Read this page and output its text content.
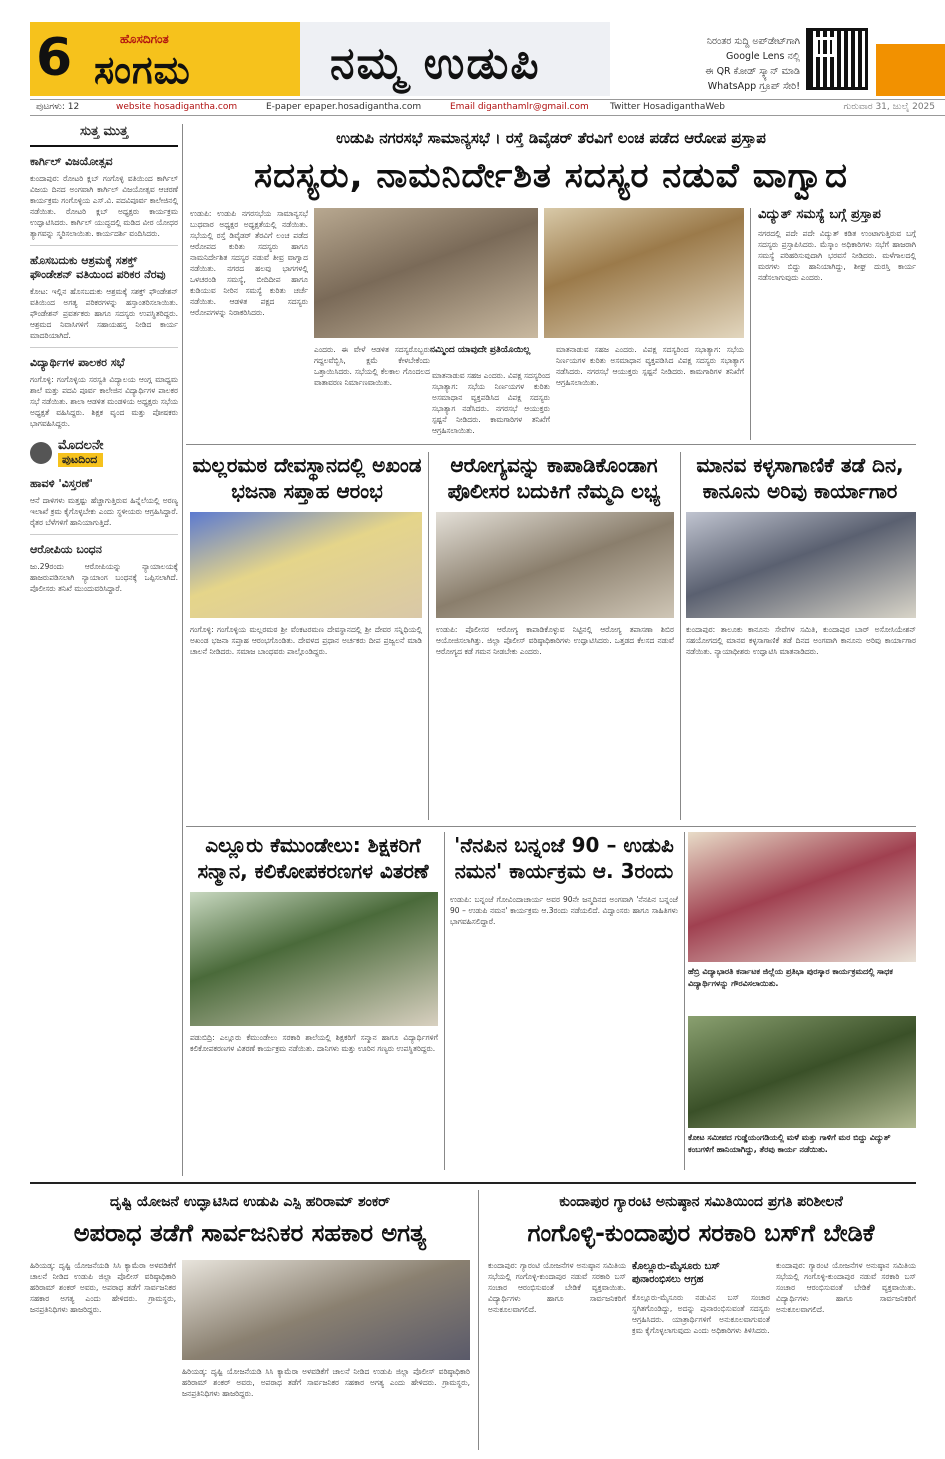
6	ಹೊಸದಿಗಂತ
ಸಂಗಮ	ನಮ್ಮ ಉಡುಪಿ	ನಿರಂತರ ಸುದ್ದಿ ಅಪ್‌ಡೇಟ್‌ಗಾಗಿ
Google Lens ನಲ್ಲಿ
ಈ QR ಕೋಡ್ ಸ್ಕ್ಯಾನ್ ಮಾಡಿ
WhatsApp ಗ್ರೂಪ್ ಸೇರಿ!
ಪುಟಗಳು: 12	website hosadigantha.com	E-paper epaper.hosadigantha.com	Email diganthamlr@gmail.com Twitter HosadiganthaWeb	ಗುರುವಾರ 31, ಜುಲೈ 2025
ಸುತ್ತ ಮುತ್ತ
ಕಾರ್ಗಿಲ್ ವಿಜಯೋತ್ಸವ
ಕುಂದಾಪುರ: ರೋಟರಿ ಕ್ಲಬ್ ಗಂಗೊಳ್ಳಿ ವತಿಯಿಂದ ಕಾರ್ಗಿಲ್ ವಿಜಯ ದಿನದ ಅಂಗವಾಗಿ ಕಾರ್ಗಿಲ್ ವಿಜಯೋತ್ಸವ ಆಚರಣೆ ಕಾರ್ಯಕ್ರಮ ಗಂಗೊಳ್ಳಿಯ ಎಸ್.ವಿ. ಪದವಿಪೂರ್ವ ಕಾಲೇಜಿನಲ್ಲಿ ನಡೆಯಿತು. ರೋಟರಿ ಕ್ಲಬ್ ಅಧ್ಯಕ್ಷರು ಕಾರ್ಯಕ್ರಮ ಉದ್ಘಾಟಿಸಿದರು. ಕಾರ್ಗಿಲ್ ಯುದ್ಧದಲ್ಲಿ ಮಡಿದ ವೀರ ಯೋಧರ ತ್ಯಾಗವನ್ನು ಸ್ಮರಿಸಲಾಯಿತು. ಕಾರ್ಯದರ್ಶಿ ವಂದಿಸಿದರು.
ಹೊಸಬದುಕು ಆಶ್ರಮಕ್ಕೆ ಸಶಕ್ತ್ ಫೌಂಡೇಶನ್ ವತಿಯಿಂದ ಪರಿಕರ ನೆರವು
ಕೋಟ: ಇಲ್ಲಿನ ಹೊಸಬದುಕು ಆಶ್ರಮಕ್ಕೆ ಸಶಕ್ತ್ ಫೌಂಡೇಶನ್ ವತಿಯಿಂದ ಅಗತ್ಯ ಪರಿಕರಗಳನ್ನು ಹಸ್ತಾಂತರಿಸಲಾಯಿತು. ಫೌಂಡೇಶನ್ ಪ್ರವರ್ತಕರು ಹಾಗೂ ಸದಸ್ಯರು ಉಪಸ್ಥಿತರಿದ್ದರು. ಆಶ್ರಮದ ನಿವಾಸಿಗಳಿಗೆ ಸಹಾಯಹಸ್ತ ನೀಡಿದ ಕಾರ್ಯ ಮಾದರಿಯಾಗಿದೆ.
ವಿದ್ಯಾರ್ಥಿಗಳ ಪಾಲಕರ ಸಭೆ
ಗಂಗೊಳ್ಳಿ: ಗಂಗೊಳ್ಳಿಯ ಸರಸ್ವತಿ ವಿದ್ಯಾಲಯ ಆಂಗ್ಲ ಮಾಧ್ಯಮ ಶಾಲೆ ಮತ್ತು ಪದವಿ ಪೂರ್ವ ಕಾಲೇಜಿನ ವಿದ್ಯಾರ್ಥಿಗಳ ಪಾಲಕರ ಸಭೆ ನಡೆಯಿತು. ಶಾಲಾ ಆಡಳಿತ ಮಂಡಳಿಯ ಅಧ್ಯಕ್ಷರು ಸಭೆಯ ಅಧ್ಯಕ್ಷತೆ ವಹಿಸಿದ್ದರು. ಶಿಕ್ಷಕ ವೃಂದ ಮತ್ತು ಪೋಷಕರು ಭಾಗವಹಿಸಿದ್ದರು.
ಮೊದಲನೇ
ಪುಟದಿಂದ
ಹಾವಳಿ 'ವಿಸ್ತರಣೆ'
ಆನೆ ದಾಳಿಗಳು ಮತ್ತಷ್ಟು ಹೆಚ್ಚಾಗುತ್ತಿರುವ ಹಿನ್ನೆಲೆಯಲ್ಲಿ ಅರಣ್ಯ ಇಲಾಖೆ ಕ್ರಮ ಕೈಗೊಳ್ಳಬೇಕು ಎಂದು ಸ್ಥಳೀಯರು ಆಗ್ರಹಿಸಿದ್ದಾರೆ. ರೈತರ ಬೆಳೆಗಳಿಗೆ ಹಾನಿಯಾಗುತ್ತಿದೆ.
ಆರೋಪಿಯ ಬಂಧನ
ಜು.29ರಂದು ಆರೋಪಿಯನ್ನು ನ್ಯಾಯಾಲಯಕ್ಕೆ ಹಾಜರುಪಡಿಸಲಾಗಿ ನ್ಯಾಯಾಂಗ ಬಂಧನಕ್ಕೆ ಒಪ್ಪಿಸಲಾಗಿದೆ. ಪೊಲೀಸರು ತನಿಖೆ ಮುಂದುವರಿಸಿದ್ದಾರೆ.
ಉಡುಪಿ ನಗರಸಭೆ ಸಾಮಾನ್ಯಸಭೆ । ರಸ್ತೆ ಡಿವೈಡರ್ ತೆರವಿಗೆ ಲಂಚ ಪಡೆದ ಆರೋಪ ಪ್ರಸ್ತಾಪ
ಸದಸ್ಯರು, ನಾಮನಿರ್ದೇಶಿತ ಸದಸ್ಯರ ನಡುವೆ ವಾಗ್ವಾದ
ಉಡುಪಿ: ಉಡುಪಿ ನಗರಸಭೆಯ ಸಾಮಾನ್ಯಸಭೆ ಬುಧವಾರ ಅಧ್ಯಕ್ಷರ ಅಧ್ಯಕ್ಷತೆಯಲ್ಲಿ ನಡೆಯಿತು. ಸಭೆಯಲ್ಲಿ ರಸ್ತೆ ಡಿವೈಡರ್ ತೆರವಿಗೆ ಲಂಚ ಪಡೆದ ಆರೋಪದ ಕುರಿತು ಸದಸ್ಯರು ಹಾಗೂ ನಾಮನಿರ್ದೇಶಿತ ಸದಸ್ಯರ ನಡುವೆ ತೀವ್ರ ವಾಗ್ವಾದ ನಡೆಯಿತು. ನಗರದ ಹಲವು ಭಾಗಗಳಲ್ಲಿ ಒಳಚರಂಡಿ ಸಮಸ್ಯೆ, ಬೀದಿದೀಪ ಹಾಗೂ ಕುಡಿಯುವ ನೀರಿನ ಸಮಸ್ಯೆ ಕುರಿತು ಚರ್ಚೆ ನಡೆಯಿತು. ಆಡಳಿತ ಪಕ್ಷದ ಸದಸ್ಯರು ಆರೋಪಗಳನ್ನು ನಿರಾಕರಿಸಿದರು.
ಎಂದರು. ಈ ವೇಳೆ ಆಡಳಿತ ಸದಸ್ಯರೊಬ್ಬರು ಗದ್ದಲವೆಬ್ಬಿಸಿ, ಕ್ಷಮೆ ಕೇಳಬೇಕೆಂದು ಒತ್ತಾಯಿಸಿದರು. ಸಭೆಯಲ್ಲಿ ಕೆಲಕಾಲ ಗೊಂದಲದ ವಾತಾವರಣ ನಿರ್ಮಾಣವಾಯಿತು.
ನಮ್ಮಿಂದ ಯಾವುದೇ ಪ್ರತಿಯೊಯಿಲ್ಲ
ಮಾತನಾಡುವ ಸಹಜ ಎಂದರು. ವಿಪಕ್ಷ ಸದಸ್ಯರಿಂದ ಸಭಾತ್ಯಾಗ: ಸಭೆಯ ನಿರ್ಣಯಗಳ ಕುರಿತು ಅಸಮಾಧಾನ ವ್ಯಕ್ತಪಡಿಸಿದ ವಿಪಕ್ಷ ಸದಸ್ಯರು ಸಭಾತ್ಯಾಗ ನಡೆಸಿದರು. ನಗರಸಭೆ ಆಯುಕ್ತರು ಸ್ಪಷ್ಟನೆ ನೀಡಿದರು. ಕಾಮಗಾರಿಗಳ ತನಿಖೆಗೆ ಆಗ್ರಹಿಸಲಾಯಿತು.
ಮಾತನಾಡುವ ಸಹಜ ಎಂದರು. ವಿಪಕ್ಷ ಸದಸ್ಯರಿಂದ ಸಭಾತ್ಯಾಗ: ಸಭೆಯ ನಿರ್ಣಯಗಳ ಕುರಿತು ಅಸಮಾಧಾನ ವ್ಯಕ್ತಪಡಿಸಿದ ವಿಪಕ್ಷ ಸದಸ್ಯರು ಸಭಾತ್ಯಾಗ ನಡೆಸಿದರು. ನಗರಸಭೆ ಆಯುಕ್ತರು ಸ್ಪಷ್ಟನೆ ನೀಡಿದರು. ಕಾಮಗಾರಿಗಳ ತನಿಖೆಗೆ ಆಗ್ರಹಿಸಲಾಯಿತು.
ವಿದ್ಯುತ್ ಸಮಸ್ಯೆ ಬಗ್ಗೆ ಪ್ರಸ್ತಾಪ
ನಗರದಲ್ಲಿ ಪದೇ ಪದೇ ವಿದ್ಯುತ್ ಕಡಿತ ಉಂಟಾಗುತ್ತಿರುವ ಬಗ್ಗೆ ಸದಸ್ಯರು ಪ್ರಸ್ತಾಪಿಸಿದರು. ಮೆಸ್ಕಾಂ ಅಧಿಕಾರಿಗಳು ಸಭೆಗೆ ಹಾಜರಾಗಿ ಸಮಸ್ಯೆ ಪರಿಹರಿಸುವುದಾಗಿ ಭರವಸೆ ನೀಡಿದರು. ಮಳೆಗಾಲದಲ್ಲಿ ಮರಗಳು ಬಿದ್ದು ಹಾನಿಯಾಗಿದ್ದು, ಶೀಘ್ರ ದುರಸ್ತಿ ಕಾರ್ಯ ನಡೆಸಲಾಗುವುದು ಎಂದರು.
ಮಲ್ಲರಮಠ ದೇವಸ್ಥಾನದಲ್ಲಿ ಅಖಂಡ ಭಜನಾ ಸಪ್ತಾಹ ಆರಂಭ
ಗಂಗೊಳ್ಳಿ: ಗಂಗೊಳ್ಳಿಯ ಮಲ್ಲರಮಠ ಶ್ರೀ ವೆಂಕಟರಮಣ ದೇವಸ್ಥಾನದಲ್ಲಿ ಶ್ರೀ ದೇವರ ಸನ್ನಿಧಿಯಲ್ಲಿ ಅಖಂಡ ಭಜನಾ ಸಪ್ತಾಹ ಆರಂಭಗೊಂಡಿತು. ದೇವಳದ ಪ್ರಧಾನ ಅರ್ಚಕರು ದೀಪ ಪ್ರಜ್ವಲನೆ ಮಾಡಿ ಚಾಲನೆ ನೀಡಿದರು. ಸಮಾಜ ಬಾಂಧವರು ಪಾಲ್ಗೊಂಡಿದ್ದರು.
ಆರೋಗ್ಯವನ್ನು ಕಾಪಾಡಿಕೊಂಡಾಗ ಪೊಲೀಸರ ಬದುಕಿಗೆ ನೆಮ್ಮದಿ ಲಭ್ಯ
ಉಡುಪಿ: ಪೊಲೀಸರ ಆರೋಗ್ಯ ಕಾಪಾಡಿಕೊಳ್ಳುವ ನಿಟ್ಟಿನಲ್ಲಿ ಆರೋಗ್ಯ ತಪಾಸಣಾ ಶಿಬಿರ ಆಯೋಜಿಸಲಾಗಿತ್ತು. ಜಿಲ್ಲಾ ಪೊಲೀಸ್ ವರಿಷ್ಠಾಧಿಕಾರಿಗಳು ಉದ್ಘಾಟಿಸಿದರು. ಒತ್ತಡದ ಕೆಲಸದ ನಡುವೆ ಆರೋಗ್ಯದ ಕಡೆ ಗಮನ ನೀಡಬೇಕು ಎಂದರು.
ಮಾನವ ಕಳ್ಳಸಾಗಾಣಿಕೆ ತಡೆ ದಿನ, ಕಾನೂನು ಅರಿವು ಕಾರ್ಯಾಗಾರ
ಕುಂದಾಪುರ: ತಾಲೂಕು ಕಾನೂನು ಸೇವೆಗಳ ಸಮಿತಿ, ಕುಂದಾಪುರ ಬಾರ್ ಅಸೋಸಿಯೇಶನ್ ಸಹಯೋಗದಲ್ಲಿ ಮಾನವ ಕಳ್ಳಸಾಗಾಣಿಕೆ ತಡೆ ದಿನದ ಅಂಗವಾಗಿ ಕಾನೂನು ಅರಿವು ಕಾರ್ಯಾಗಾರ ನಡೆಯಿತು. ನ್ಯಾಯಾಧೀಶರು ಉದ್ಘಾಟಿಸಿ ಮಾತನಾಡಿದರು.
ಎಲ್ಲೂರು ಕೆಮುಂಡೇಲು: ಶಿಕ್ಷಕರಿಗೆ ಸನ್ಮಾನ, ಕಲಿಕೋಪಕರಣಗಳ ವಿತರಣೆ
ಪಡುಬಿದ್ರಿ: ಎಲ್ಲೂರು ಕೆಮುಂಡೇಲು ಸರಕಾರಿ ಶಾಲೆಯಲ್ಲಿ ಶಿಕ್ಷಕರಿಗೆ ಸನ್ಮಾನ ಹಾಗೂ ವಿದ್ಯಾರ್ಥಿಗಳಿಗೆ ಕಲಿಕೋಪಕರಣಗಳ ವಿತರಣೆ ಕಾರ್ಯಕ್ರಮ ನಡೆಯಿತು. ದಾನಿಗಳು ಮತ್ತು ಊರಿನ ಗಣ್ಯರು ಉಪಸ್ಥಿತರಿದ್ದರು.
'ನೆನಪಿನ ಬನ್ನಂಜೆ 90 – ಉಡುಪಿ ನಮನ' ಕಾರ್ಯಕ್ರಮ ಆ. 3ರಂದು
ಉಡುಪಿ: ಬನ್ನಂಜೆ ಗೋವಿಂದಾಚಾರ್ಯ ಅವರ 90ನೇ ಜನ್ಮದಿನದ ಅಂಗವಾಗಿ 'ನೆನಪಿನ ಬನ್ನಂಜೆ 90 – ಉಡುಪಿ ನಮನ' ಕಾರ್ಯಕ್ರಮ ಆ.3ರಂದು ನಡೆಯಲಿದೆ. ವಿದ್ವಾಂಸರು ಹಾಗೂ ಸಾಹಿತಿಗಳು ಭಾಗವಹಿಸಲಿದ್ದಾರೆ.
ಹೆಬ್ರಿ ವಿದ್ಯಾಭಾರತಿ ಕರ್ನಾಟಕ ಜಿಲ್ಲೆಯ ಪ್ರತಿಭಾ ಪುರಸ್ಕಾರ ಕಾರ್ಯಕ್ರಮದಲ್ಲಿ ಸಾಧಕ ವಿದ್ಯಾರ್ಥಿಗಳನ್ನು ಗೌರವಿಸಲಾಯಿತು.
ಕೋಟ ಸಮೀಪದ ಗುಡ್ಡೆಯಂಗಡಿಯಲ್ಲಿ ಮಳೆ ಮತ್ತು ಗಾಳಿಗೆ ಮರ ಬಿದ್ದು ವಿದ್ಯುತ್ ಕಂಬಗಳಿಗೆ ಹಾನಿಯಾಗಿದ್ದು, ತೆರವು ಕಾರ್ಯ ನಡೆಯಿತು.
ದೃಷ್ಟಿ ಯೋಜನೆ ಉದ್ಘಾಟಿಸಿದ ಉಡುಪಿ ಎಸ್ಪಿ ಹರಿರಾಮ್ ಶಂಕರ್
ಅಪರಾಧ ತಡೆಗೆ ಸಾರ್ವಜನಿಕರ ಸಹಕಾರ ಅಗತ್ಯ
ಹಿರಿಯಡ್ಕ: ದೃಷ್ಟಿ ಯೋಜನೆಯಡಿ ಸಿಸಿ ಕ್ಯಾಮೆರಾ ಅಳವಡಿಕೆಗೆ ಚಾಲನೆ ನೀಡಿದ ಉಡುಪಿ ಜಿಲ್ಲಾ ಪೊಲೀಸ್ ವರಿಷ್ಠಾಧಿಕಾರಿ ಹರಿರಾಮ್ ಶಂಕರ್ ಅವರು, ಅಪರಾಧ ತಡೆಗೆ ಸಾರ್ವಜನಿಕರ ಸಹಕಾರ ಅಗತ್ಯ ಎಂದು ಹೇಳಿದರು. ಗ್ರಾಮಸ್ಥರು, ಜನಪ್ರತಿನಿಧಿಗಳು ಹಾಜರಿದ್ದರು.
ಹಿರಿಯಡ್ಕ: ದೃಷ್ಟಿ ಯೋಜನೆಯಡಿ ಸಿಸಿ ಕ್ಯಾಮೆರಾ ಅಳವಡಿಕೆಗೆ ಚಾಲನೆ ನೀಡಿದ ಉಡುಪಿ ಜಿಲ್ಲಾ ಪೊಲೀಸ್ ವರಿಷ್ಠಾಧಿಕಾರಿ ಹರಿರಾಮ್ ಶಂಕರ್ ಅವರು, ಅಪರಾಧ ತಡೆಗೆ ಸಾರ್ವಜನಿಕರ ಸಹಕಾರ ಅಗತ್ಯ ಎಂದು ಹೇಳಿದರು. ಗ್ರಾಮಸ್ಥರು, ಜನಪ್ರತಿನಿಧಿಗಳು ಹಾಜರಿದ್ದರು.
ಕುಂದಾಪುರ ಗ್ಯಾರಂಟಿ ಅನುಷ್ಠಾನ ಸಮಿತಿಯಿಂದ ಪ್ರಗತಿ ಪರಿಶೀಲನೆ
ಗಂಗೊಳ್ಳಿ-ಕುಂದಾಪುರ ಸರಕಾರಿ ಬಸ್‌ಗೆ ಬೇಡಿಕೆ
ಕುಂದಾಪುರ: ಗ್ಯಾರಂಟಿ ಯೋಜನೆಗಳ ಅನುಷ್ಠಾನ ಸಮಿತಿಯ ಸಭೆಯಲ್ಲಿ ಗಂಗೊಳ್ಳಿ-ಕುಂದಾಪುರ ನಡುವೆ ಸರಕಾರಿ ಬಸ್ ಸಂಚಾರ ಆರಂಭಿಸುವಂತೆ ಬೇಡಿಕೆ ವ್ಯಕ್ತವಾಯಿತು. ವಿದ್ಯಾರ್ಥಿಗಳು ಹಾಗೂ ಸಾರ್ವಜನಿಕರಿಗೆ ಅನುಕೂಲವಾಗಲಿದೆ.
ಕೊಲ್ಲೂರು-ಮೈಸೂರು ಬಸ್ ಪುನಾರಂಭಿಸಲು ಆಗ್ರಹ
ಕೊಲ್ಲೂರು-ಮೈಸೂರು ನಡುವಿನ ಬಸ್ ಸಂಚಾರ ಸ್ಥಗಿತಗೊಂಡಿದ್ದು, ಅದನ್ನು ಪುನಾರಂಭಿಸುವಂತೆ ಸದಸ್ಯರು ಆಗ್ರಹಿಸಿದರು. ಯಾತ್ರಾರ್ಥಿಗಳಿಗೆ ಅನುಕೂಲವಾಗುವಂತೆ ಕ್ರಮ ಕೈಗೊಳ್ಳಲಾಗುವುದು ಎಂದು ಅಧಿಕಾರಿಗಳು ತಿಳಿಸಿದರು.
ಕುಂದಾಪುರ: ಗ್ಯಾರಂಟಿ ಯೋಜನೆಗಳ ಅನುಷ್ಠಾನ ಸಮಿತಿಯ ಸಭೆಯಲ್ಲಿ ಗಂಗೊಳ್ಳಿ-ಕುಂದಾಪುರ ನಡುವೆ ಸರಕಾರಿ ಬಸ್ ಸಂಚಾರ ಆರಂಭಿಸುವಂತೆ ಬೇಡಿಕೆ ವ್ಯಕ್ತವಾಯಿತು. ವಿದ್ಯಾರ್ಥಿಗಳು ಹಾಗೂ ಸಾರ್ವಜನಿಕರಿಗೆ ಅನುಕೂಲವಾಗಲಿದೆ.
